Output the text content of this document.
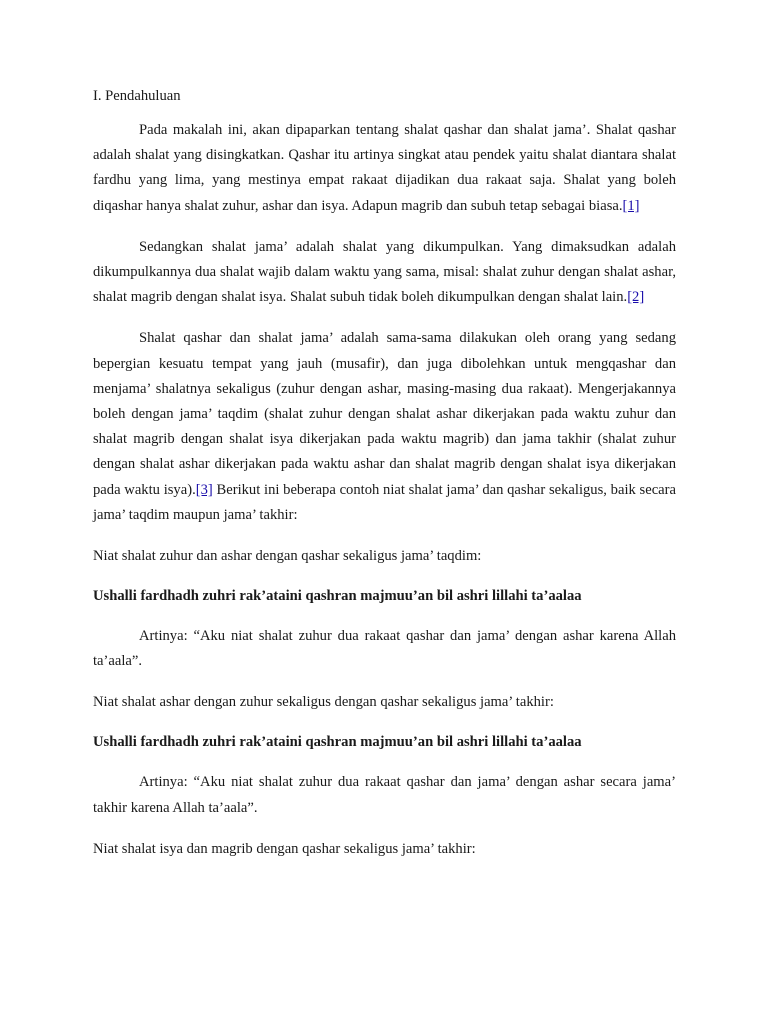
I. Pendahuluan

Pada makalah ini, akan dipaparkan tentang shalat qashar dan shalat jama’. Shalat qashar adalah shalat yang disingkatkan. Qashar itu artinya singkat atau pendek yaitu shalat diantara shalat fardhu yang lima, yang mestinya empat rakaat dijadikan dua rakaat saja. Shalat yang boleh diqashar hanya shalat zuhur, ashar dan isya. Adapun magrib dan subuh tetap sebagai biasa.[1]

Sedangkan shalat jama’ adalah shalat yang dikumpulkan. Yang dimaksudkan adalah dikumpulkannya dua shalat wajib dalam waktu yang sama, misal: shalat zuhur dengan shalat ashar, shalat magrib dengan shalat isya. Shalat subuh tidak boleh dikumpulkan dengan shalat lain.[2]

Shalat qashar dan shalat jama’ adalah sama-sama dilakukan oleh orang yang sedang bepergian kesuatu tempat yang jauh (musafir), dan juga dibolehkan untuk mengqashar dan menjama’ shalatnya sekaligus (zuhur dengan ashar, masing-masing dua rakaat). Mengerjakannya boleh dengan jama’ taqdim (shalat zuhur dengan shalat ashar dikerjakan pada waktu zuhur dan shalat magrib dengan shalat isya dikerjakan pada waktu magrib) dan jama takhir (shalat zuhur dengan shalat ashar dikerjakan pada waktu ashar dan shalat magrib dengan shalat isya dikerjakan pada waktu isya).[3] Berikut ini beberapa contoh niat shalat jama’ dan qashar sekaligus, baik secara jama’ taqdim maupun jama’ takhir:

Niat shalat zuhur dan ashar dengan qashar sekaligus jama’ taqdim:

Ushalli fardhadh zuhri rak’ataini qashran majmuu’an bil ashri lillahi ta’aalaa

Artinya: “Aku niat shalat zuhur dua rakaat qashar dan jama’ dengan ashar karena Allah ta’aala”.

Niat shalat ashar dengan zuhur sekaligus dengan qashar sekaligus jama’ takhir:

Ushalli fardhadh zuhri rak’ataini qashran majmuu’an bil ashri lillahi ta’aalaa

Artinya: “Aku niat shalat zuhur dua rakaat qashar dan jama’ dengan ashar secara jama’ takhir karena Allah ta’aala”.

Niat shalat isya dan magrib dengan qashar sekaligus jama’ takhir:
